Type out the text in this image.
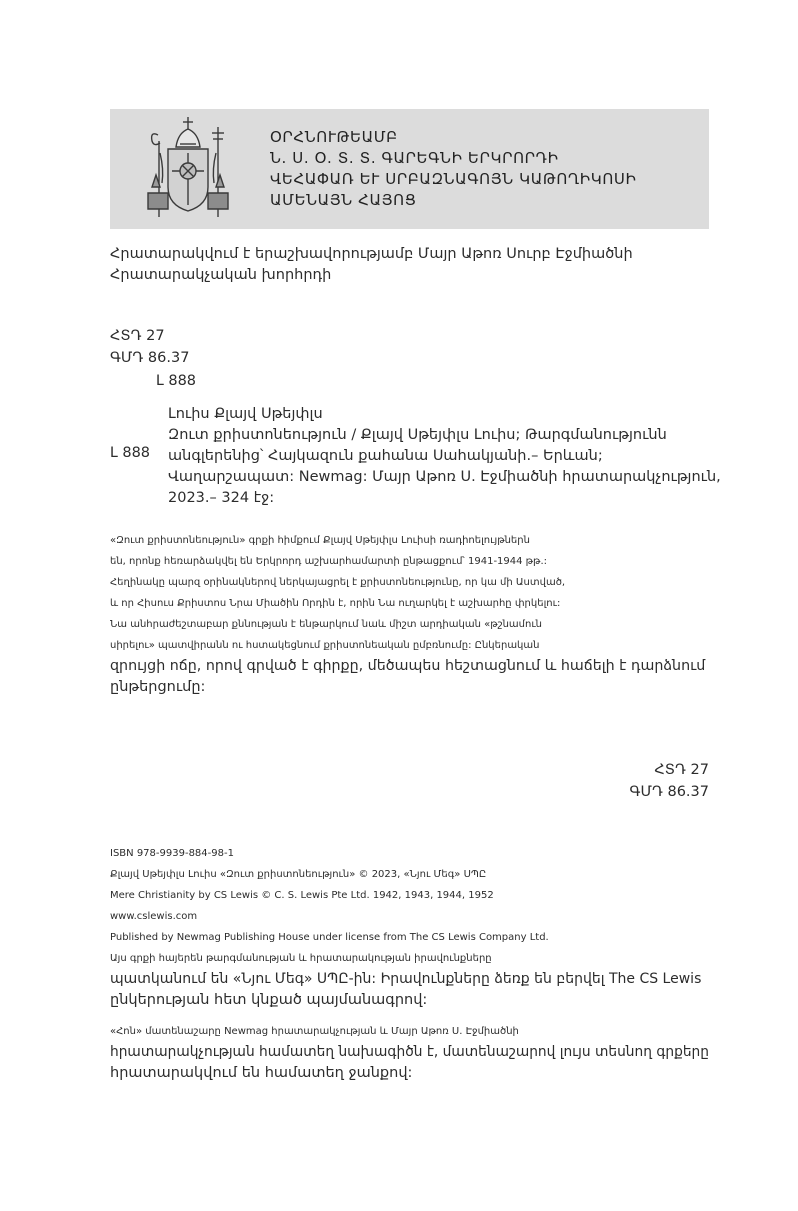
ՕՐՀՆՈՒԹԵԱՄԲ
Ն. Ս. Օ. Տ. Տ. ԳԱՐԵԳՆԻ ԵՐԿՐՈՐԴԻ
ՎԵՀԱՓԱՌ ԵՒ ՍՐԲԱԶՆԱԳՈՅՆ ԿԱԹՈՂԻԿՈՍԻ
ԱՄԵՆԱՅՆ ՀԱՅՈՑ
Հրատարակվում է երաշխավորությամբ Մայր Աթոռ Սուրբ Էջմիածնի
Հրատարակչական խորհրդի
ՀՏԴ 27
ԳՄԴ 86.37
Լ 888
Լ 888
Լուիս Քլայվ Սթեյփլս
Զուտ քրիստոնեություն / Քլայվ Սթեյփլս Լուիս; Թարգմանությունն
անգլերենից՝ Հայկազուն քահանա Սահակյանի.– Երևան;
Վաղարշապատ: Newmag: Մայր Աթոռ Ս. Էջմիածնի հրատարակչություն,
2023.– 324 էջ:
«Զուտ քրիստոնեություն» գրքի հիմքում Քլայվ Սթեյփլս Լուիսի ռադիոելույթներն
են, որոնք հեռարձակվել են Երկրորդ աշխարհամարտի ընթացքում՝ 1941-1944 թթ.:
Հեղինակը պարզ օրինակներով ներկայացրել է քրիստոնեությունը, որ կա մի Աստված,
և որ Հիսուս Քրիստոս Նրա Միածին Որդին է, որին Նա ուղարկել է աշխարհը փրկելու:
Նա անհրաժեշտաբար քննության է ենթարկում նաև միշտ արդիական «թշնամուն
սիրելու» պատվիրանն ու հստակեցնում քրիստոնեական ըմբռնումը: Ընկերական
զրույցի ոճը, որով գրված է գիրքը, մեծապես հեշտացնում և հաճելի է դարձնում
ընթերցումը:
ՀՏԴ 27
ԳՄԴ 86.37
ISBN 978-9939-884-98-1
Քլայվ Սթեյփլս Լուիս «Զուտ քրիստոնեություն» © 2023, «Նյու Մեգ» ՍՊԸ
Mere Christianity by CS Lewis © C. S. Lewis Pte Ltd. 1942, 1943, 1944, 1952
www.cslewis.com
Published by Newmag Publishing House under license from The CS Lewis Company Ltd.
Այս գրքի հայերեն թարգմանության և հրատարակության իրավունքները
պատկանում են «Նյու Մեգ» ՍՊԸ-ին: Իրավունքները ձեռք են բերվել The CS Lewis
ընկերության հետ կնքած պայմանագրով:
«Հոն» մատենաշարը Newmag հրատարակչության և Մայր Աթոռ Ս. Էջմիածնի
հրատարակչության համատեղ նախագիծն է, մատենաշարով լույս տեսնող գրքերը
հրատարակվում են համատեղ ջանքով:
